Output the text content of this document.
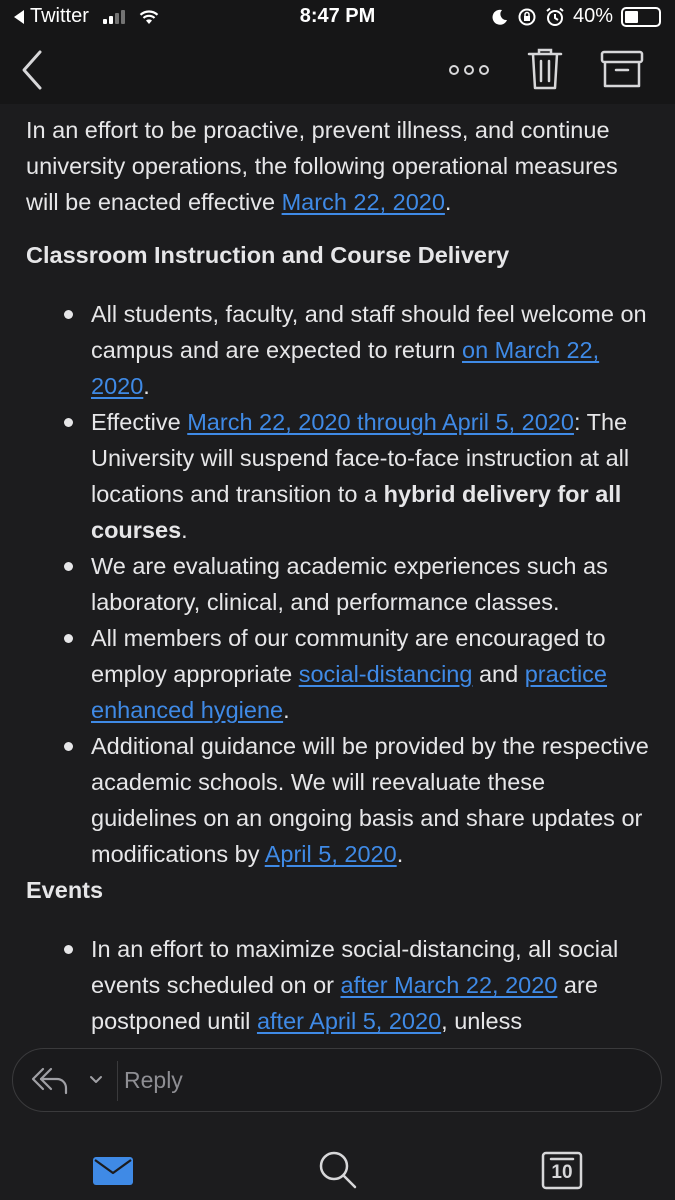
Twitter	8:47 PM	40%

In an effort to be proactive, prevent illness, and continue university operations, the following operational measures will be enacted effective March 22, 2020.

Classroom Instruction and Course Delivery

All students, faculty, and staff should feel welcome on campus and are expected to return on March 22, 2020.
Effective March 22, 2020 through April 5, 2020: The University will suspend face-to-face instruction at all locations and transition to a hybrid delivery for all courses.
We are evaluating academic experiences such as laboratory, clinical, and performance classes.
All members of our community are encouraged to employ appropriate social-distancing and practice enhanced hygiene.
Additional guidance will be provided by the respective academic schools. We will reevaluate these guidelines on an ongoing basis and share updates or modifications by April 5, 2020.

Events

In an effort to maximize social-distancing, all social events scheduled on or after March 22, 2020 are postponed until after April 5, 2020, unless
Reply
10
